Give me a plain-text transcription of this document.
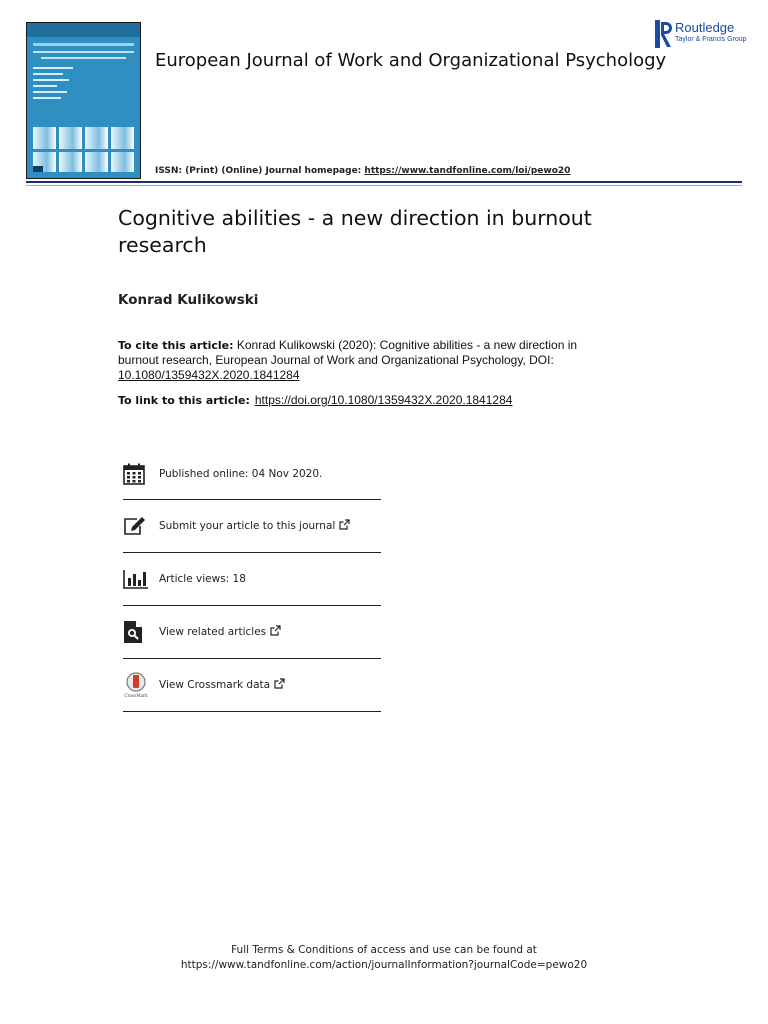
European Journal of Work and Organizational Psychology
Routledge
Taylor & Francis Group
ISSN: (Print) (Online) Journal homepage: https://www.tandfonline.com/loi/pewo20
Cognitive abilities - a new direction in burnout research
Konrad Kulikowski
To cite this article: Konrad Kulikowski (2020): Cognitive abilities - a new direction in burnout research, European Journal of Work and Organizational Psychology, DOI: 10.1080/1359432X.2020.1841284
To link to this article: https://doi.org/10.1080/1359432X.2020.1841284
Published online: 04 Nov 2020.
Submit your article to this journal
Article views: 18
View related articles
CrossMark
View Crossmark data
Full Terms & Conditions of access and use can be found at
https://www.tandfonline.com/action/journalInformation?journalCode=pewo20
